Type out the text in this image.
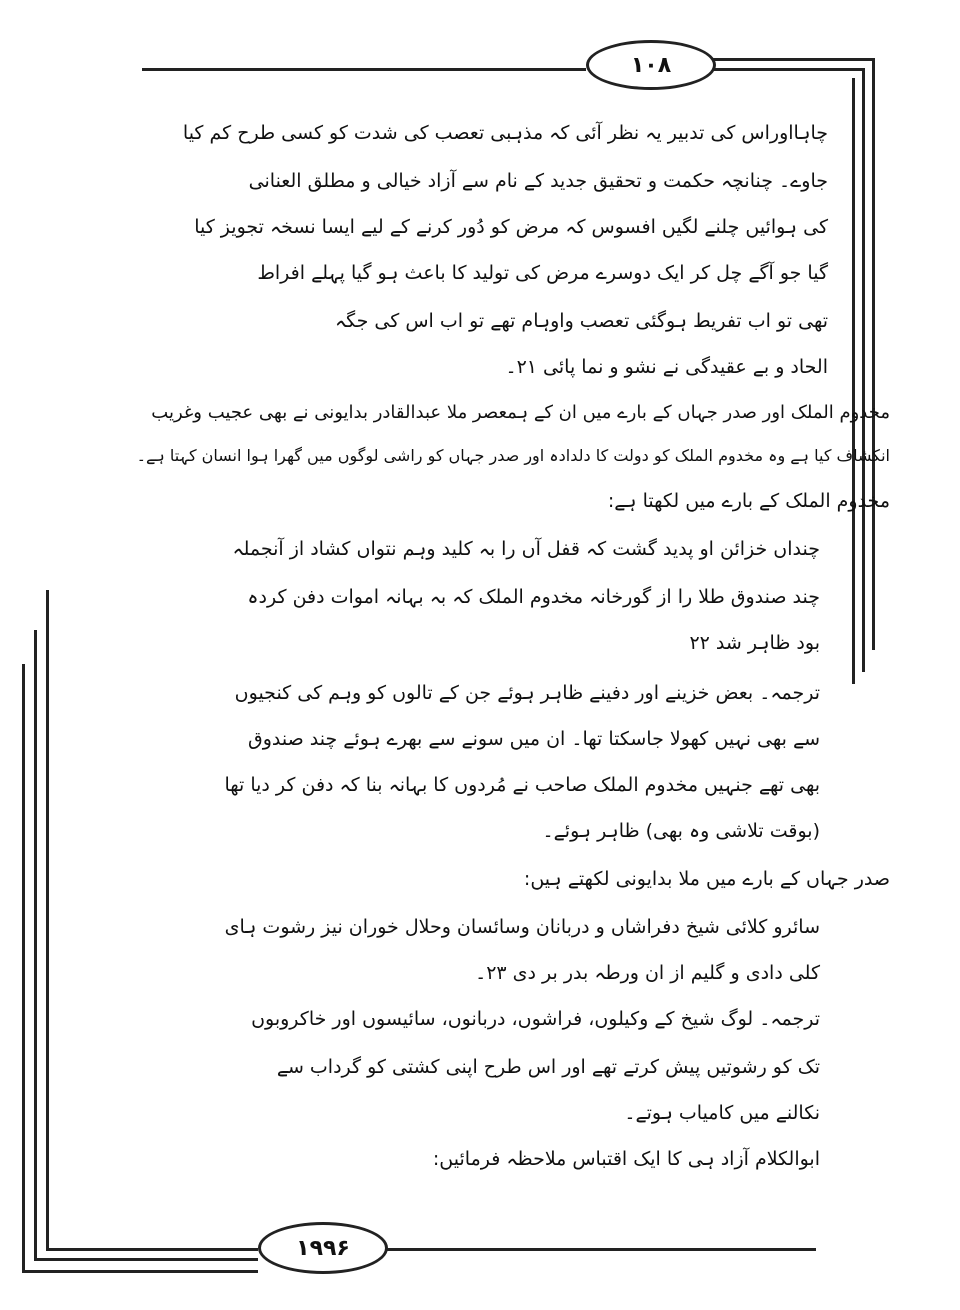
۱۰۸
۱۹۹۶
چاہااوراس کی تدبیر یہ نظر آئی کہ مذہبی تعصب کی شدت کو کسی طرح کم کیا
جاوے۔ چنانچہ حکمت و تحقیق جدید کے نام سے آزاد خیالی و مطلق العنانی
کی ہوائیں چلنے لگیں افسوس کہ مرض کو دُور کرنے کے لیے ایسا نسخہ تجویز کیا
گیا جو آگے چل کر ایک دوسرے مرض کی تولید کا باعث ہو گیا پہلے افراط
تھی تو اب تفریط ہوگئی تعصب واوہام تھے تو اب اس کی جگہ
الحاد و بے عقیدگی نے نشو و نما پائی ۲۱۔
مخدوم الملک اور صدر جہاں کے بارے میں ان کے ہمعصر ملا عبدالقادر بدایونی نے بھی عجیب وغریب
انکشاف کیا ہے وہ مخدوم الملک کو دولت کا دلدادہ اور صدر جہاں کو راشی لوگوں میں گھرا ہوا انسان کہتا ہے۔
مخدوم الملک کے بارے میں لکھتا ہے:
چنداں خزائن او پدید گشت کہ قفل آں را بہ کلید وہم نتواں کشاد از آنجملہ
چند صندوق طلا را از گورخانہ مخدوم الملک کہ بہ بہانہ اموات دفن کردہ
بود ظاہر شد ۲۲
ترجمہ۔ بعض خزینے اور دفینے ظاہر ہوئے جن کے تالوں کو وہم کی کنجیوں
سے بھی نہیں کھولا جاسکتا تھا۔ ان میں سونے سے بھرے ہوئے چند صندوق
بھی تھے جنہیں مخدوم الملک صاحب نے مُردوں کا بہانہ بنا کہ دفن کر دیا تھا
(بوقت تلاشی وہ بھی) ظاہر ہوئے۔
صدر جہاں کے بارے میں ملا بدایونی لکھتے ہیں:
سائرو کلائی شیخ دفراشاں و دربانان وسائسان وحلال خوران نیز رشوت ہای
کلی دادی و گلیم از ان ورطہ بدر بر دی ۲۳۔
ترجمہ۔ لوگ شیخ کے وکیلوں، فراشوں، دربانوں، سائیسوں اور خاکروبوں
تک کو رشوتیں پیش کرتے تھے اور اس طرح اپنی کشتی کو گرداب سے
نکالنے میں کامیاب ہوتے۔
ابوالکلام آزاد ہی کا ایک اقتباس ملاحظہ فرمائیں:
